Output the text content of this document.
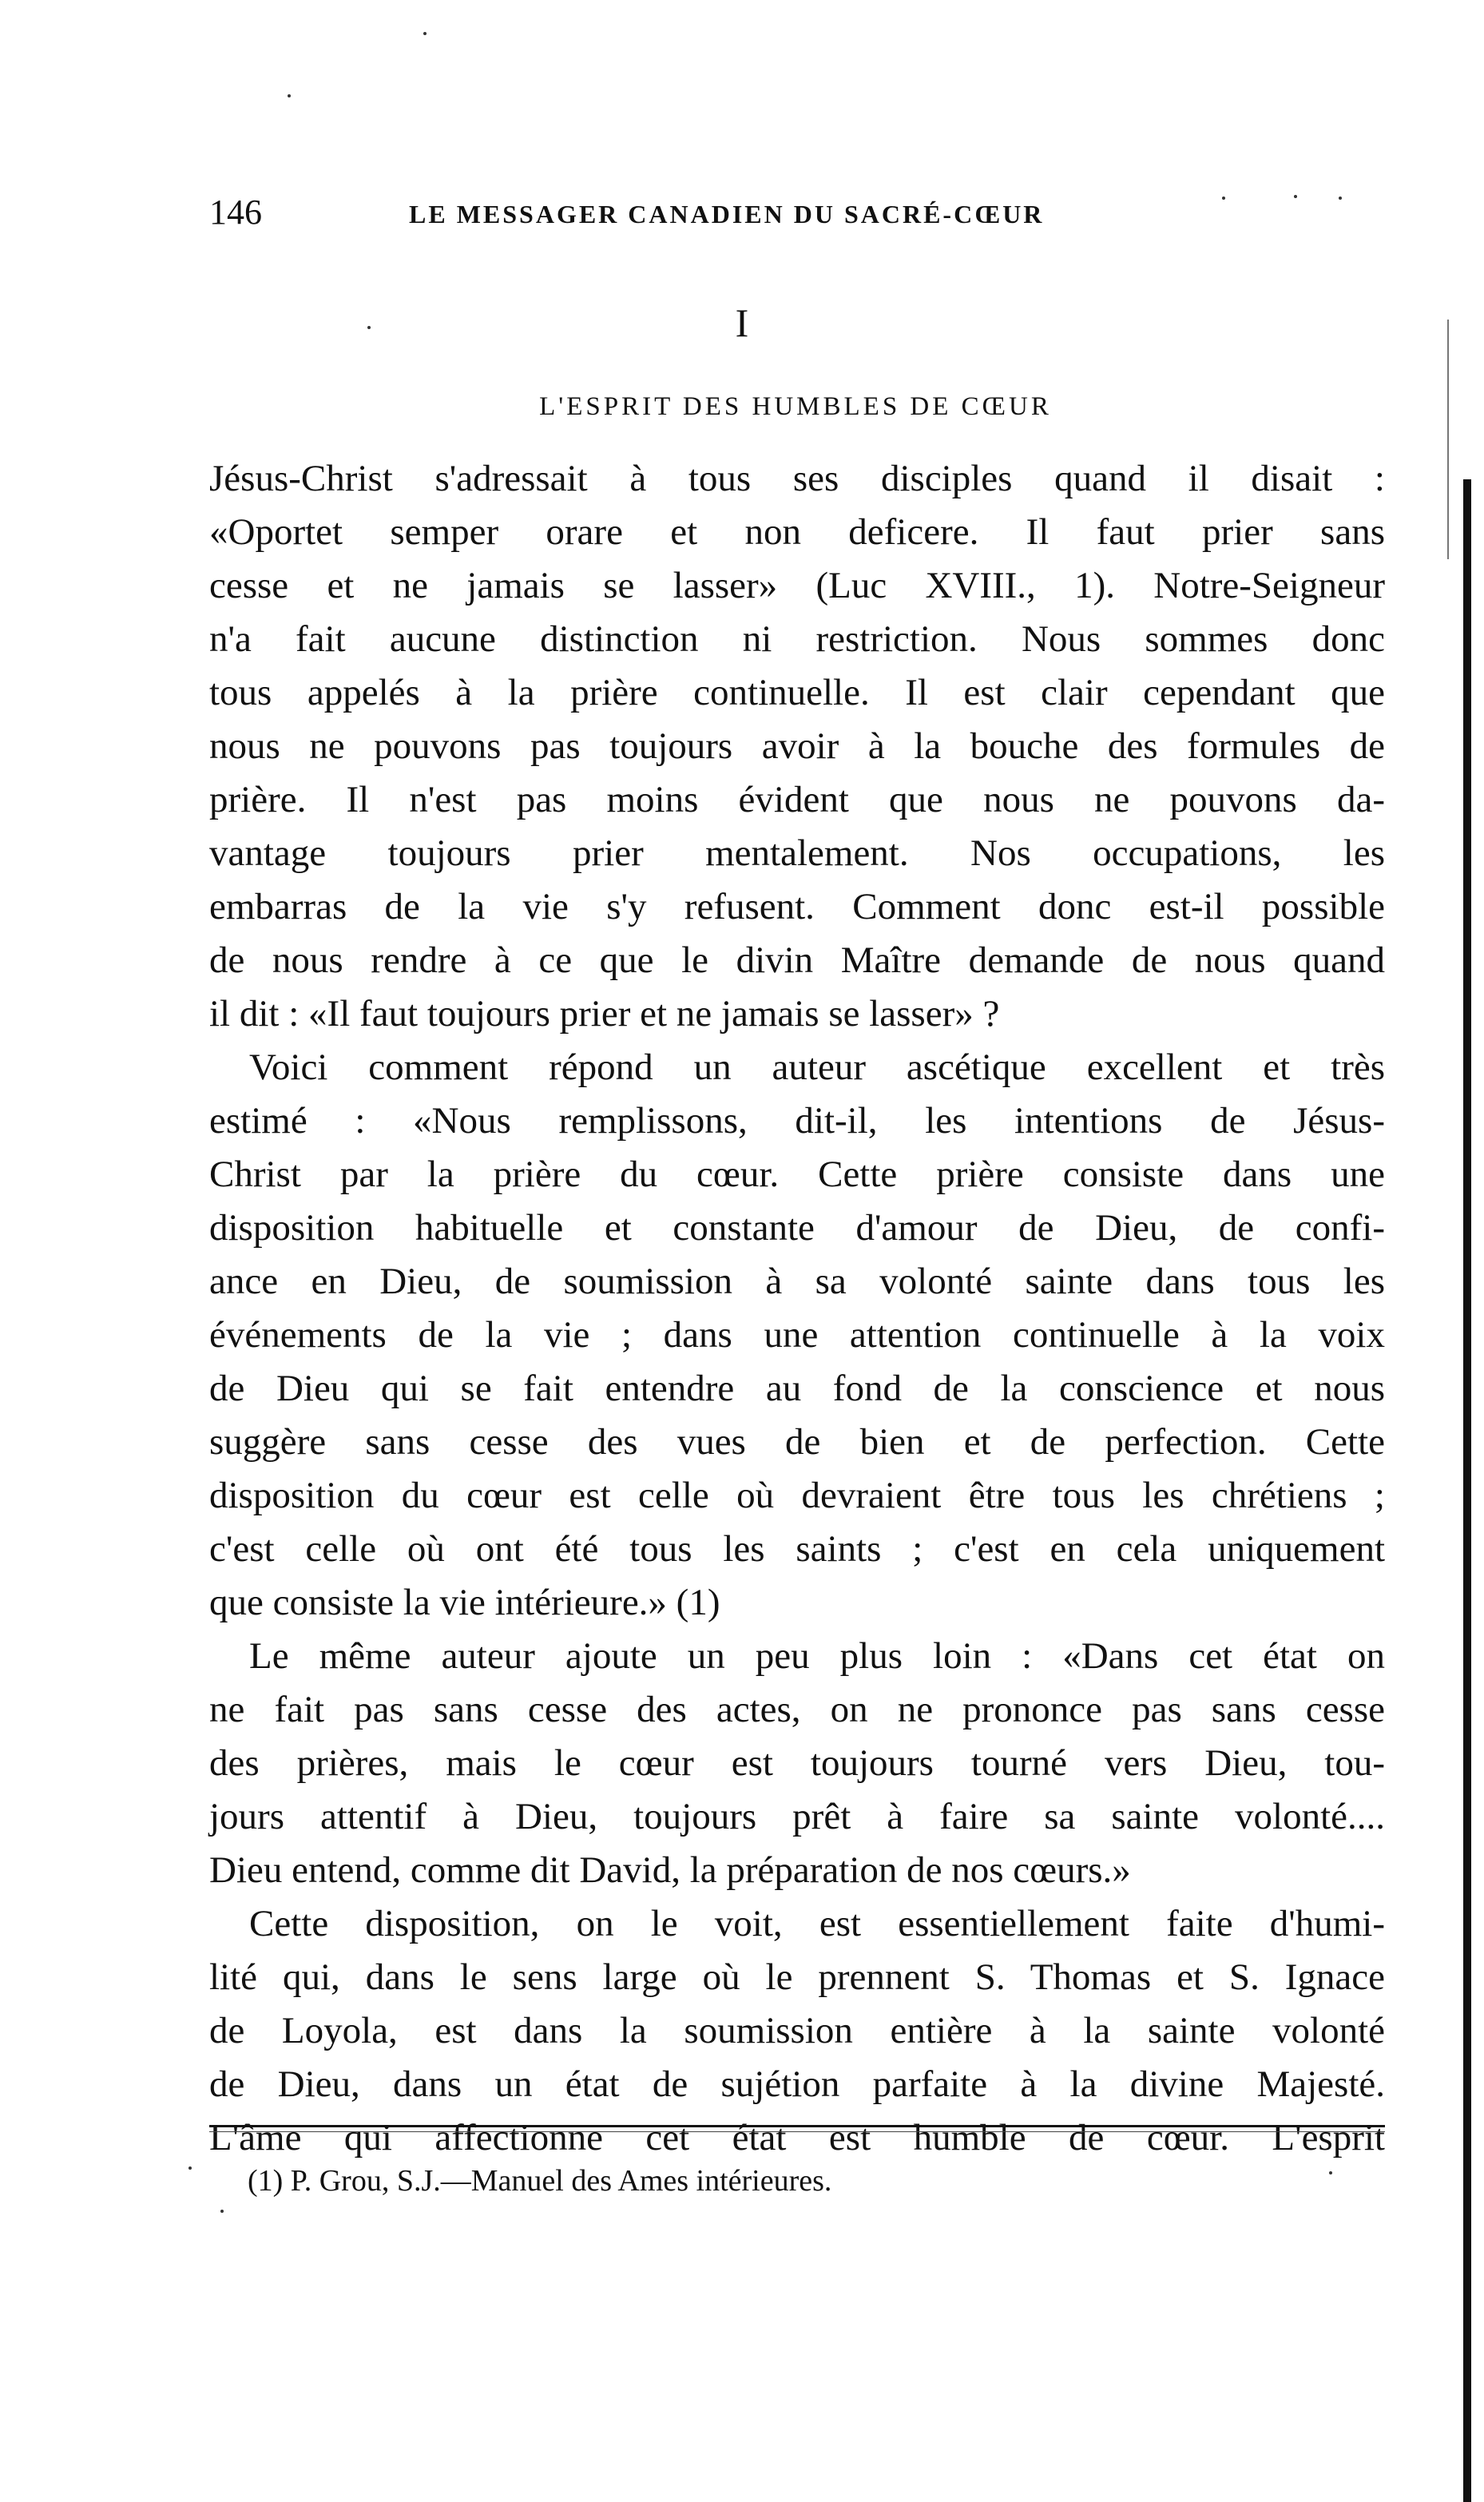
146	LE MESSAGER CANADIEN DU SACRÉ-CŒUR
I
L'ESPRIT DES HUMBLES DE CŒUR
Jésus-Christ s'adressait à tous ses disciples quand il disait :
«Oportet semper orare et non deficere. Il faut prier sans
cesse et ne jamais se lasser» (Luc XVIII., 1). Notre-Seigneur
n'a fait aucune distinction ni restriction. Nous sommes donc
tous appelés à la prière continuelle. Il est clair cependant que
nous ne pouvons pas toujours avoir à la bouche des formules de
prière. Il n'est pas moins évident que nous ne pouvons da-
vantage toujours prier mentalement. Nos occupations, les
embarras de la vie s'y refusent. Comment donc est-il possible
de nous rendre à ce que le divin Maître demande de nous quand
il dit : «Il faut toujours prier et ne jamais se lasser» ?
Voici comment répond un auteur ascétique excellent et très
estimé : «Nous remplissons, dit-il, les intentions de Jésus-
Christ par la prière du cœur. Cette prière consiste dans une
disposition habituelle et constante d'amour de Dieu, de confi-
ance en Dieu, de soumission à sa volonté sainte dans tous les
événements de la vie ; dans une attention continuelle à la voix
de Dieu qui se fait entendre au fond de la conscience et nous
suggère sans cesse des vues de bien et de perfection. Cette
disposition du cœur est celle où devraient être tous les chrétiens ;
c'est celle où ont été tous les saints ; c'est en cela uniquement
que consiste la vie intérieure.» (1)
Le même auteur ajoute un peu plus loin : «Dans cet état on
ne fait pas sans cesse des actes, on ne prononce pas sans cesse
des prières, mais le cœur est toujours tourné vers Dieu, tou-
jours attentif à Dieu, toujours prêt à faire sa sainte volonté....
Dieu entend, comme dit David, la préparation de nos cœurs.»
Cette disposition, on le voit, est essentiellement faite d'humi-
lité qui, dans le sens large où le prennent S. Thomas et S. Ignace
de Loyola, est dans la soumission entière à la sainte volonté
de Dieu, dans un état de sujétion parfaite à la divine Majesté.
L'âme qui affectionne cet état est humble de cœur. L'esprit
(1) P. Grou, S.J.—Manuel des Ames intérieures.
